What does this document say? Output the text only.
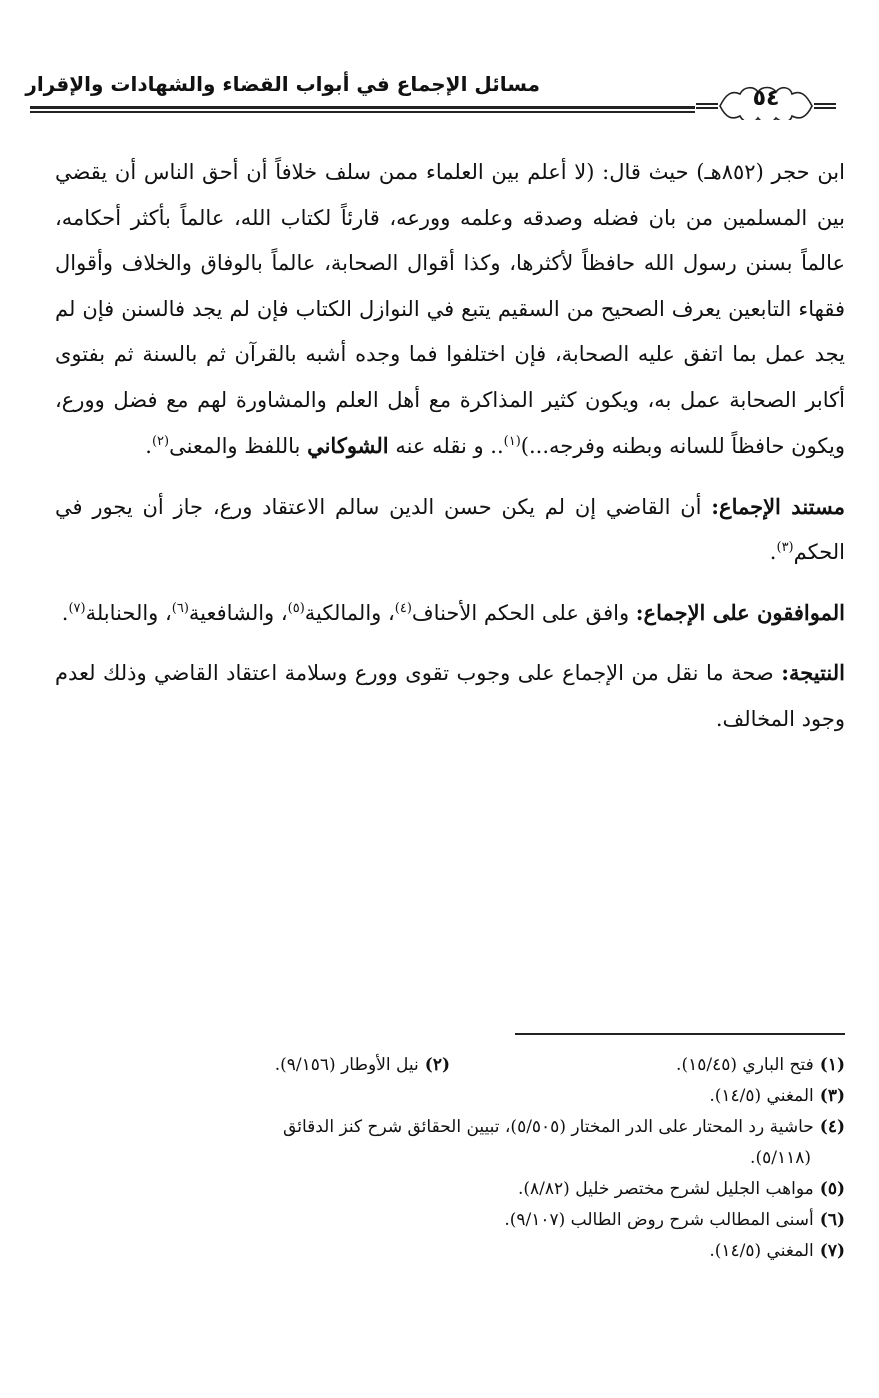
مسائل الإجماع في أبواب القضاء والشهادات والإقرار
٥٤

ابن حجر (٨٥٢هـ) حيث قال: (لا أعلم بين العلماء ممن سلف خلافاً أن أحق الناس أن يقضي بين المسلمين من بان فضله وصدقه وعلمه وورعه، قارئاً لكتاب الله، عالماً بأكثر أحكامه، عالماً بسنن رسول الله حافظاً لأكثرها، وكذا أقوال الصحابة، عالماً بالوفاق والخلاف وأقوال فقهاء التابعين يعرف الصحيح من السقيم يتبع في النوازل الكتاب فإن لم يجد فالسنن فإن لم يجد عمل بما اتفق عليه الصحابة، فإن اختلفوا فما وجده أشبه بالقرآن ثم بالسنة ثم بفتوى أكابر الصحابة عمل به، ويكون كثير المذاكرة مع أهل العلم والمشاورة لهم مع فضل وورع، ويكون حافظاً للسانه وبطنه وفرجه...)$^{(١)}$.. و نقله عنه الشوكاني باللفظ والمعنى$^{(٢)}$.

مستند الإجماع: أن القاضي إن لم يكن حسن الدين سالم الاعتقاد ورع، جاز أن يجور في الحكم$^{(٣)}$.

الموافقون على الإجماع: وافق على الحكم الأحناف$^{(٤)}$، والمالكية$^{(٥)}$، والشافعية$^{(٦)}$، والحنابلة$^{(٧)}$.

النتيجة: صحة ما نقل من الإجماع على وجوب تقوى وورع وسلامة اعتقاد القاضي وذلك لعدم وجود المخالف.

(١)فتح الباري (١٥/٤٥).

(٢)نيل الأوطار (٩/١٥٦).

(٣)المغني (١٤/٥).

(٤)حاشية رد المحتار على الدر المختار (٥/٥٠٥)، تبيين الحقائق شرح كنز الدقائق

(٥/١١٨).

(٥)مواهب الجليل لشرح مختصر خليل (٨/٨٢).

(٦)أسنى المطالب شرح روض الطالب (٩/١٠٧).

(٧)المغني (١٤/٥).
